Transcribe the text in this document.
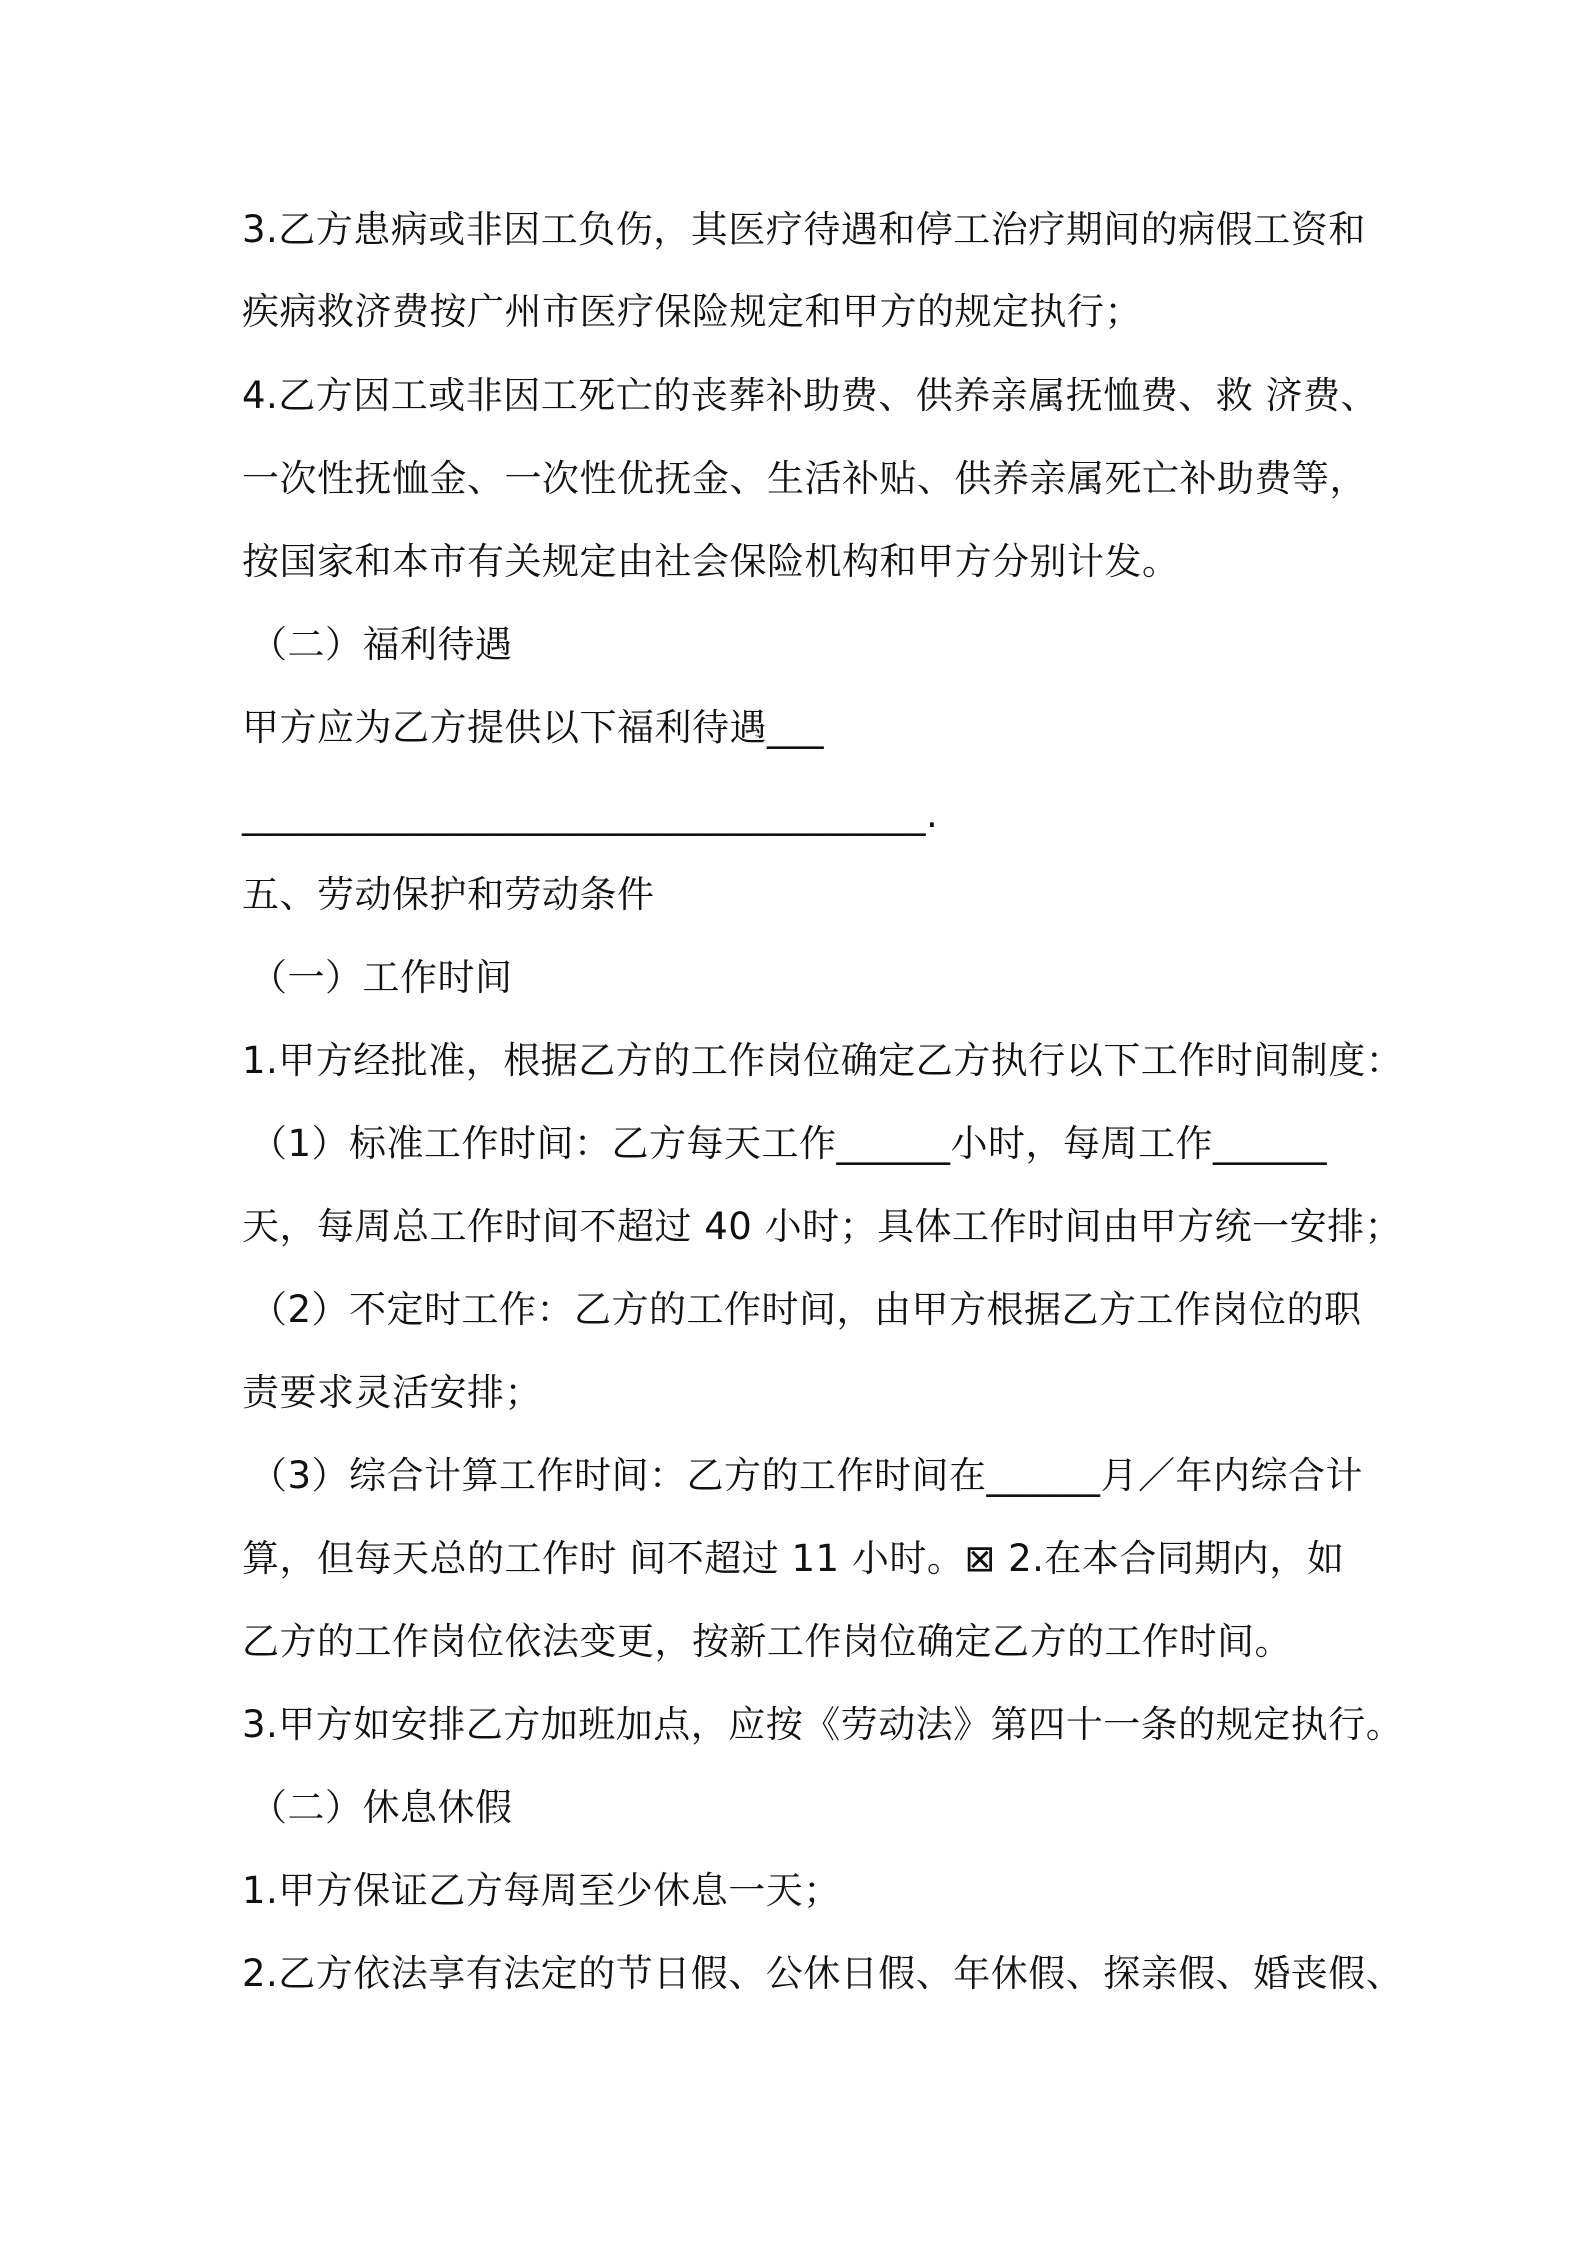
3.乙方患病或非因工负伤，其医疗待遇和停工治疗期间的病假工资和
疾病救济费按广州市医疗保险规定和甲方的规定执行；
4.乙方因工或非因工死亡的丧葬补助费、供养亲属抚恤费、救 济费、
一次性抚恤金、一次性优抚金、生活补贴、供养亲属死亡补助费等，
按国家和本市有关规定由社会保险机构和甲方分别计发。
（二）福利待遇
甲方应为乙方提供以下福利待遇___
____________________________________.
五、劳动保护和劳动条件
（一）工作时间
1.甲方经批准，根据乙方的工作岗位确定乙方执行以下工作时间制度：
（1）标准工作时间：乙方每天工作______小时，每周工作______
天，每周总工作时间不超过 40 小时；具体工作时间由甲方统一安排；
（2）不定时工作：乙方的工作时间，由甲方根据乙方工作岗位的职
责要求灵活安排；
（3）综合计算工作时间：乙方的工作时间在______月／年内综合计
算，但每天总的工作时 间不超过 11 小时。⊠ 2.在本合同期内，如
乙方的工作岗位依法变更，按新工作岗位确定乙方的工作时间。
3.甲方如安排乙方加班加点，应按《劳动法》第四十一条的规定执行。
（二）休息休假
1.甲方保证乙方每周至少休息一天；
2.乙方依法享有法定的节日假、公休日假、年休假、探亲假、婚丧假、
